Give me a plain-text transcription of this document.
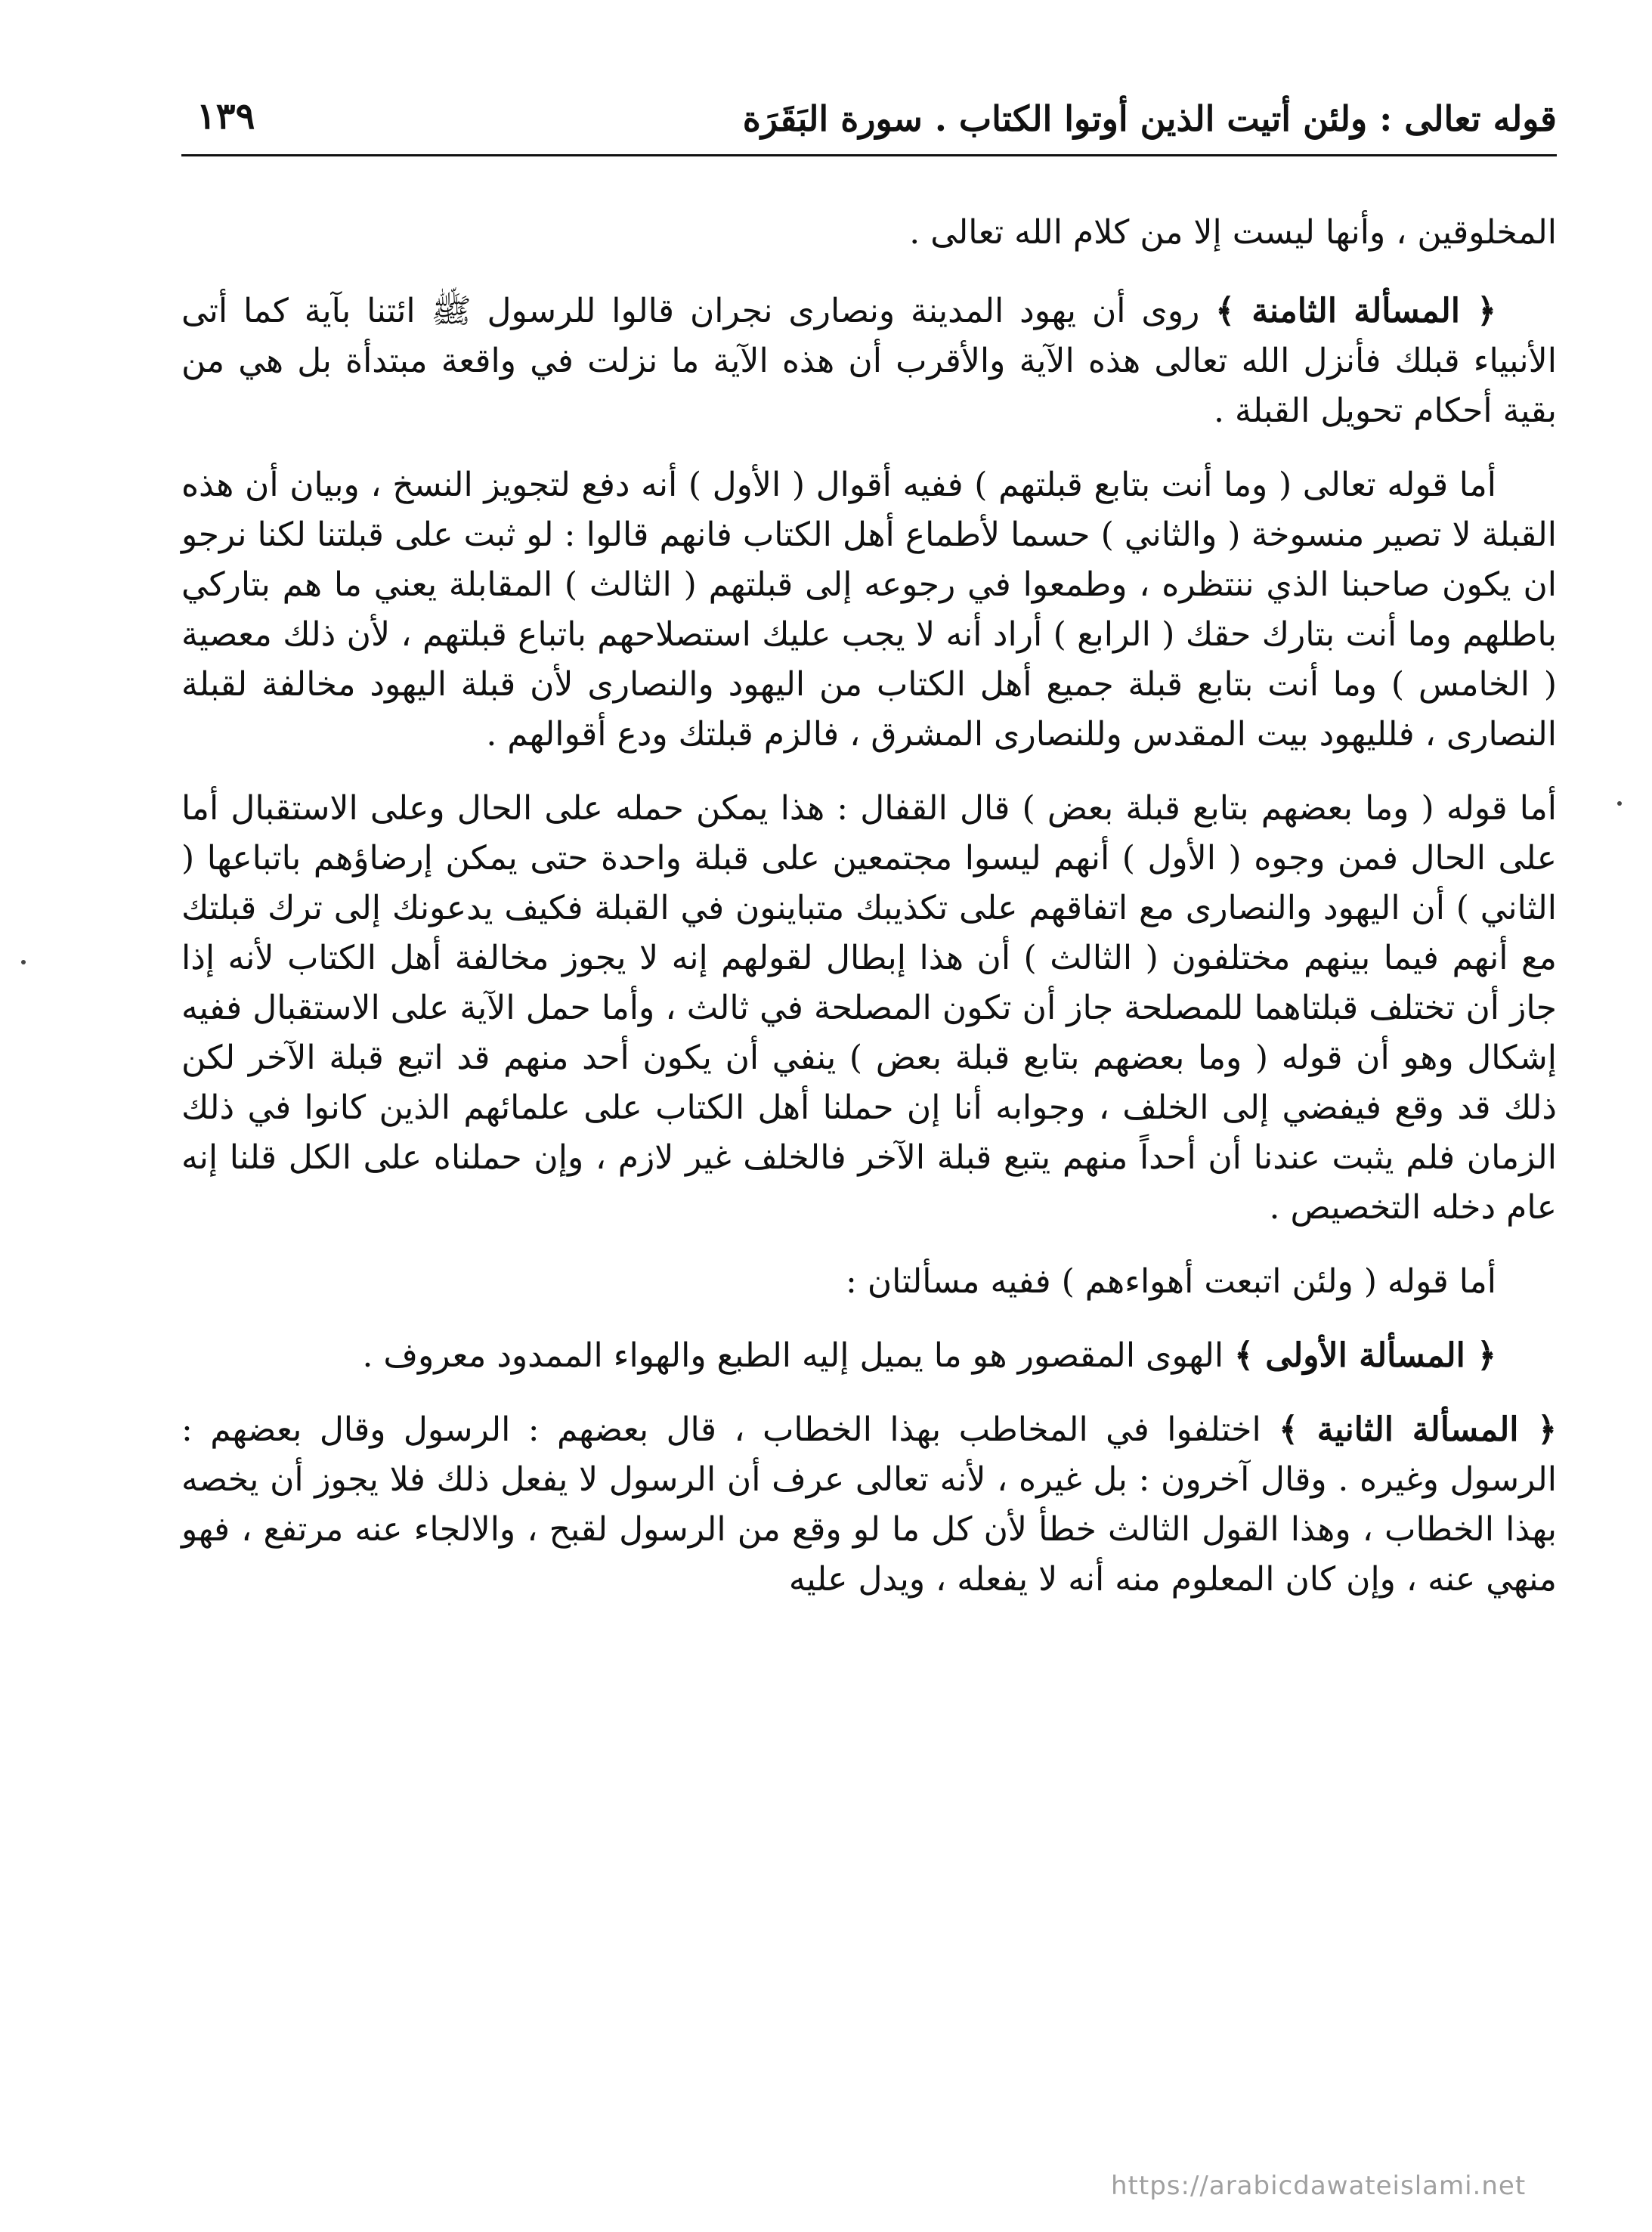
قوله تعالى : ولئن أتيت الذين أوتوا الكتاب . سورة البَقَرَة
١٣٩

المخلوقين ، وأنها ليست إلا من كلام الله تعالى .

﴿ المسألة الثامنة ﴾ روى أن يهود المدينة ونصارى نجران قالوا للرسول ﷺ ائتنا بآية كما أتى الأنبياء قبلك فأنزل الله تعالى هذه الآية والأقرب أن هذه الآية ما نزلت في واقعة مبتدأة بل هي من بقية أحكام تحويل القبلة .

أما قوله تعالى ( وما أنت بتابع قبلتهم ) ففيه أقوال ( الأول ) أنه دفع لتجويز النسخ ، وبيان أن هذه القبلة لا تصير منسوخة ( والثاني ) حسما لأطماع أهل الكتاب فانهم قالوا : لو ثبت على قبلتنا لكنا نرجو ان يكون صاحبنا الذي ننتظره ، وطمعوا في رجوعه إلى قبلتهم ( الثالث ) المقابلة يعني ما هم بتاركي باطلهم وما أنت بتارك حقك ( الرابع ) أراد أنه لا يجب عليك استصلاحهم باتباع قبلتهم ، لأن ذلك معصية ( الخامس ) وما أنت بتابع قبلة جميع أهل الكتاب من اليهود والنصارى لأن قبلة اليهود مخالفة لقبلة النصارى ، فلليهود بيت المقدس وللنصارى المشرق ، فالزم قبلتك ودع أقوالهم .

أما قوله ( وما بعضهم بتابع قبلة بعض ) قال القفال : هذا يمكن حمله على الحال وعلى الاستقبال أما على الحال فمن وجوه ( الأول ) أنهم ليسوا مجتمعين على قبلة واحدة حتى يمكن إرضاؤهم باتباعها ( الثاني ) أن اليهود والنصارى مع اتفاقهم على تكذيبك متباينون في القبلة فكيف يدعونك إلى ترك قبلتك مع أنهم فيما بينهم مختلفون ( الثالث ) أن هذا إبطال لقولهم إنه لا يجوز مخالفة أهل الكتاب لأنه إذا جاز أن تختلف قبلتاهما للمصلحة جاز أن تكون المصلحة في ثالث ، وأما حمل الآية على الاستقبال ففيه إشكال وهو أن قوله ( وما بعضهم بتابع قبلة بعض ) ينفي أن يكون أحد منهم قد اتبع قبلة الآخر لكن ذلك قد وقع فيفضي إلى الخلف ، وجوابه أنا إن حملنا أهل الكتاب على علمائهم الذين كانوا في ذلك الزمان فلم يثبت عندنا أن أحداً منهم يتبع قبلة الآخر فالخلف غير لازم ، وإن حملناه على الكل قلنا إنه عام دخله التخصيص .

أما قوله ( ولئن اتبعت أهواءهم ) ففيه مسألتان :

﴿ المسألة الأولى ﴾ الهوى المقصور هو ما يميل إليه الطبع والهواء الممدود معروف .

﴿ المسألة الثانية ﴾ اختلفوا في المخاطب بهذا الخطاب ، قال بعضهم : الرسول وقال بعضهم : الرسول وغيره . وقال آخرون : بل غيره ، لأنه تعالى عرف أن الرسول لا يفعل ذلك فلا يجوز أن يخصه بهذا الخطاب ، وهذا القول الثالث خطأ لأن كل ما لو وقع من الرسول لقبح ، والالجاء عنه مرتفع ، فهو منهي عنه ، وإن كان المعلوم منه أنه لا يفعله ، ويدل عليه

https://arabicdawateislami.net
